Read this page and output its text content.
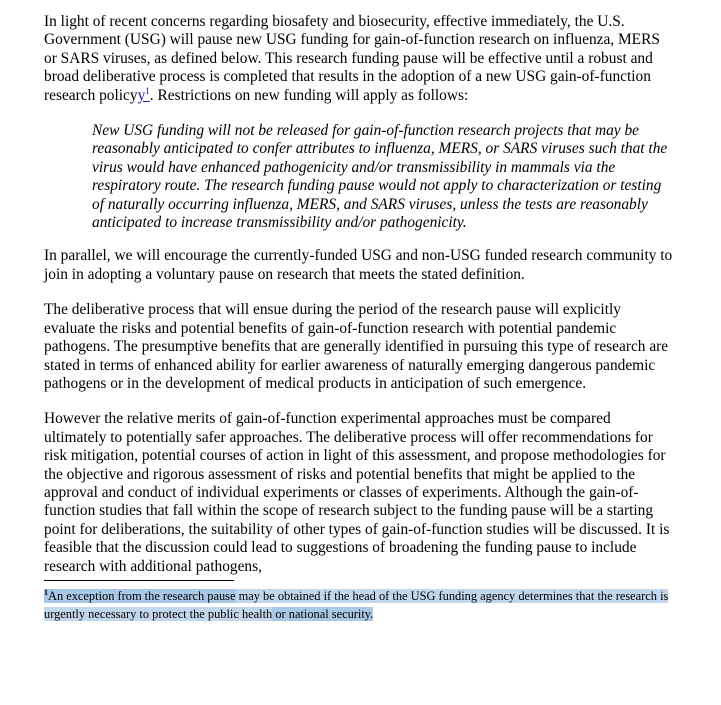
In light of recent concerns regarding biosafety and biosecurity, effective immediately, the U.S. Government (USG) will pause new USG funding for gain-of-function research on influenza, MERS or SARS viruses, as defined below. This research funding pause will be effective until a robust and broad deliberative process is completed that results in the adoption of a new USG gain-of-function research policyy$^1$. Restrictions on new funding will apply as follows:

New USG funding will not be released for gain-of-function research projects that may be reasonably anticipated to confer attributes to influenza, MERS, or SARS viruses such that the virus would have enhanced pathogenicity and/or transmissibility in mammals via the respiratory route. The research funding pause would not apply to characterization or testing of naturally occurring influenza, MERS, and SARS viruses, unless the tests are reasonably anticipated to increase transmissibility and/or pathogenicity.

In parallel, we will encourage the currently-funded USG and non-USG funded research community to join in adopting a voluntary pause on research that meets the stated definition.

The deliberative process that will ensue during the period of the research pause will explicitly evaluate the risks and potential benefits of gain-of-function research with potential pandemic pathogens. The presumptive benefits that are generally identified in pursuing this type of research are stated in terms of enhanced ability for earlier awareness of naturally emerging dangerous pandemic pathogens or in the development of medical products in anticipation of such emergence.

However the relative merits of gain-of-function experimental approaches must be compared ultimately to potentially safer approaches. The deliberative process will offer recommendations for risk mitigation, potential courses of action in light of this assessment, and propose methodologies for the objective and rigorous assessment of risks and potential benefits that might be applied to the approval and conduct of individual experiments or classes of experiments. Although the gain-of-function studies that fall within the scope of research subject to the funding pause will be a starting point for deliberations, the suitability of other types of gain-of-function studies will be discussed. It is feasible that the discussion could lead to suggestions of broadening the funding pause to include research with additional pathogens,

$^1$An exception from the research pause may be obtained if the head of the USG funding agency determines that the research is urgently necessary to protect the public health or national security.
